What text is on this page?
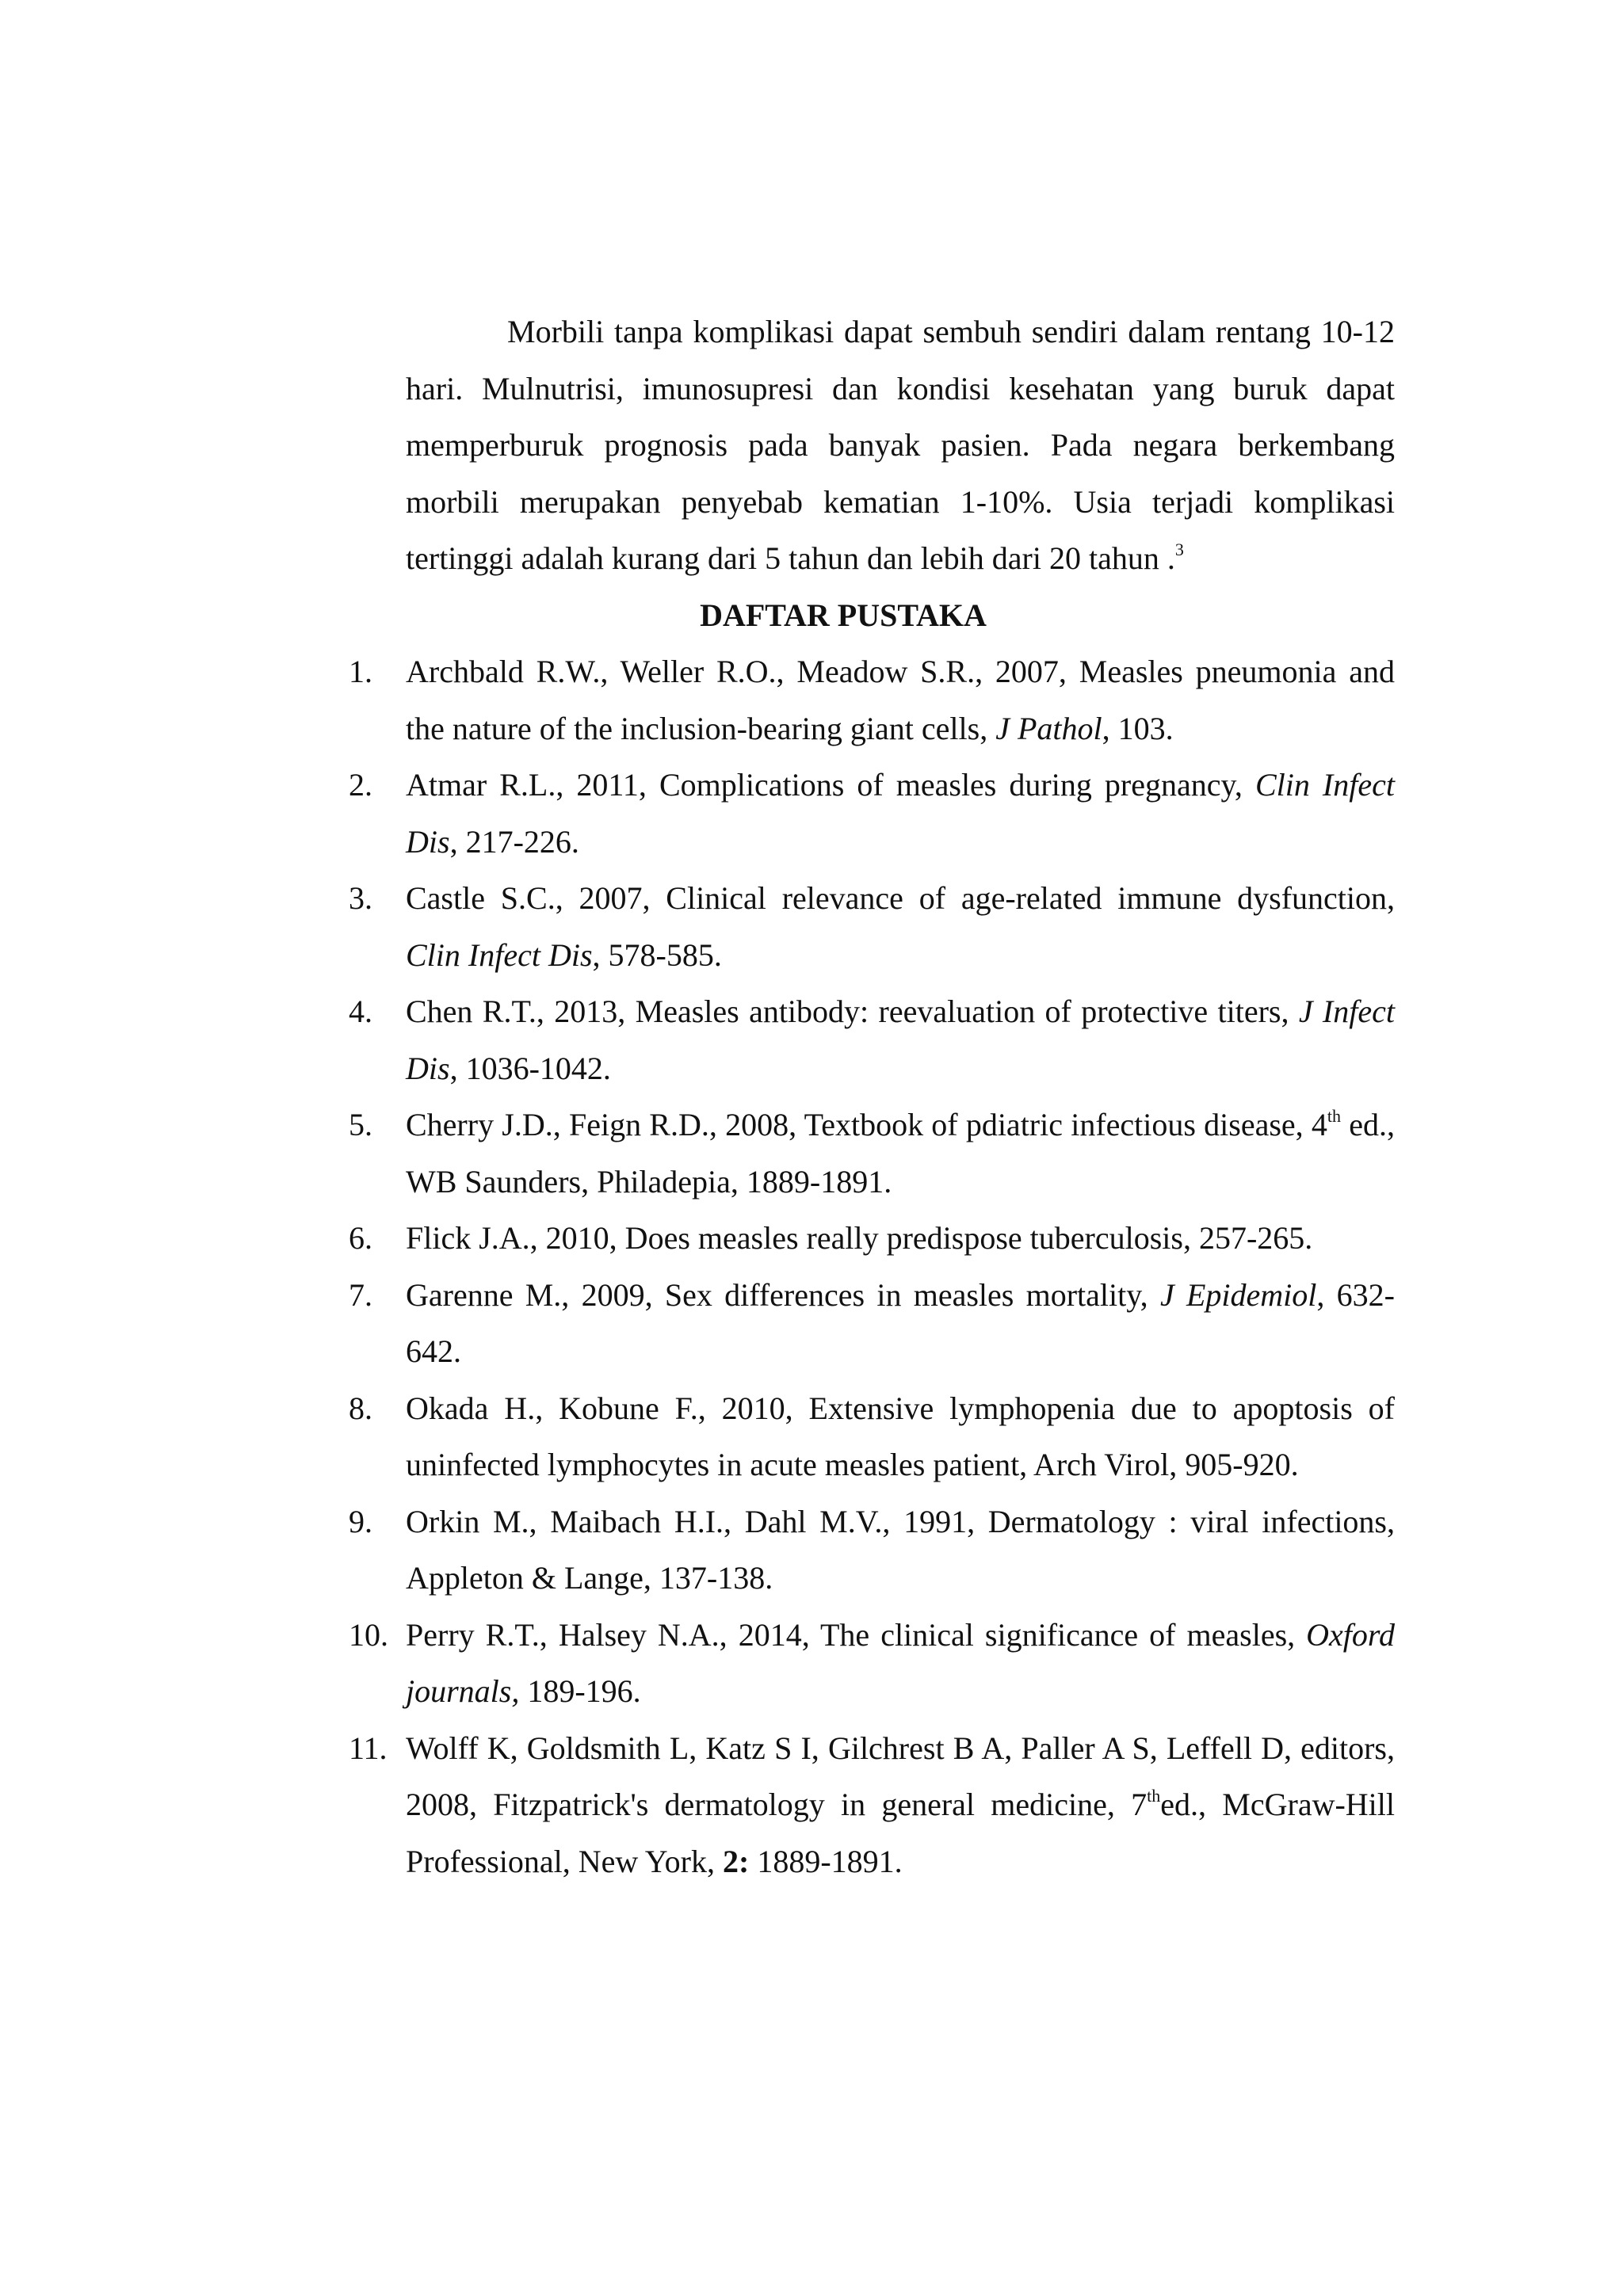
Morbili tanpa komplikasi dapat sembuh sendiri dalam rentang 10-12 hari. Mulnutrisi, imunosupresi dan kondisi kesehatan yang buruk dapat memperburuk prognosis pada banyak pasien. Pada negara berkembang morbili merupakan penyebab kematian 1-10%. Usia terjadi komplikasi tertinggi adalah kurang dari 5 tahun dan lebih dari 20 tahun .$^3$

DAFTAR PUSTAKA

1. Archbald R.W., Weller R.O., Meadow S.R., 2007, Measles pneumonia and the nature of the inclusion-bearing giant cells, J Pathol, 103.
2. Atmar R.L., 2011, Complications of measles during pregnancy, Clin Infect Dis, 217-226.
3. Castle S.C., 2007, Clinical relevance of age-related immune dysfunction, Clin Infect Dis, 578-585.
4. Chen R.T., 2013, Measles antibody: reevaluation of protective titers, J Infect Dis, 1036-1042.
5. Cherry J.D., Feign R.D., 2008, Textbook of pdiatric infectious disease, 4th ed., WB Saunders, Philadepia, 1889-1891.
6. Flick J.A., 2010, Does measles really predispose tuberculosis, 257-265.
7. Garenne M., 2009, Sex differences in measles mortality, J Epidemiol, 632-642.
8. Okada H., Kobune F., 2010, Extensive lymphopenia due to apoptosis of uninfected lymphocytes in acute measles patient, Arch Virol, 905-920.
9. Orkin M., Maibach H.I., Dahl M.V., 1991, Dermatology : viral infections, Appleton & Lange, 137-138.
10. Perry R.T., Halsey N.A., 2014, The clinical significance of measles, Oxford journals, 189-196.
11. Wolff K, Goldsmith L, Katz S I, Gilchrest B A, Paller A S, Leffell D, editors, 2008, Fitzpatrick's dermatology in general medicine, 7thed., McGraw-Hill Professional, New York, 2: 1889-1891.
